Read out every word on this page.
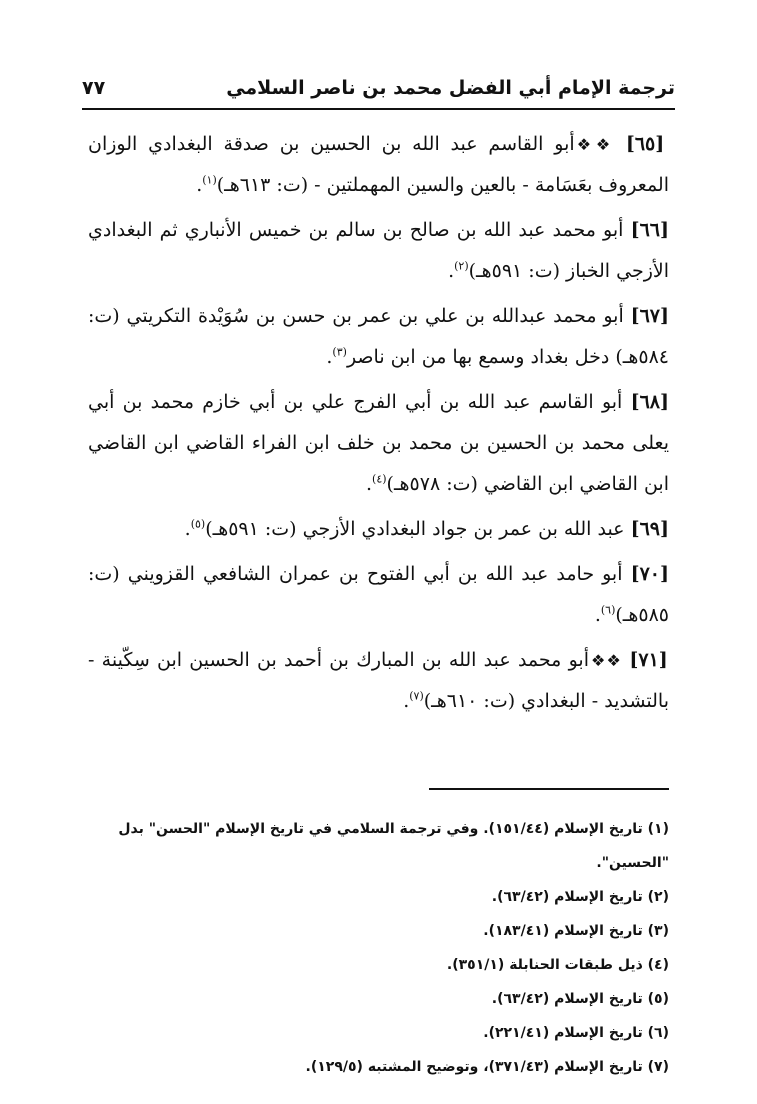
ترجمة الإمام أبي الفضل محمد بن ناصر السلامي
٧٧

[٦٥] ❖❖أبو القاسم عبد الله بن الحسين بن صدقة البغدادي الوزان المعروف بعَسَامة - بالعين والسين المهملتين - (ت: ٦١٣هـ)$^{(١)}$.

[٦٦] أبو محمد عبد الله بن صالح بن سالم بن خميس الأنباري ثم البغدادي الأزجي الخباز (ت: ٥٩١هـ)$^{(٢)}$.

[٦٧] أبو محمد عبدالله بن علي بن عمر بن حسن بن سُوَيْدة التكريتي (ت: ٥٨٤هـ) دخل بغداد وسمع بها من ابن ناصر$^{(٣)}$.

[٦٨] أبو القاسم عبد الله بن أبي الفرج علي بن أبي خازم محمد بن أبي يعلى محمد بن الحسين بن محمد بن خلف ابن الفراء القاضي ابن القاضي ابن القاضي ابن القاضي (ت: ٥٧٨هـ)$^{(٤)}$.

[٦٩] عبد الله بن عمر بن جواد البغدادي الأزجي (ت: ٥٩١هـ)$^{(٥)}$.

[٧٠] أبو حامد عبد الله بن أبي الفتوح بن عمران الشافعي القزويني (ت: ٥٨٥هـ)$^{(٦)}$.

[٧١] ❖❖أبو محمد عبد الله بن المبارك بن أحمد بن الحسين ابن سِكّينة - بالتشديد - البغدادي (ت: ٦١٠هـ)$^{(٧)}$.

(١) تاريخ الإسلام (١٥١/٤٤). وفي ترجمة السلامي في تاريخ الإسلام "الحسن" بدل "الحسين".
(٢) تاريخ الإسلام (٦٣/٤٢).
(٣) تاريخ الإسلام (١٨٣/٤١).
(٤) ذيل طبقات الحنابلة (٣٥١/١).
(٥) تاريخ الإسلام (٦٣/٤٢).
(٦) تاريخ الإسلام (٢٢١/٤١).
(٧) تاريخ الإسلام (٣٧١/٤٣)، وتوضيح المشتبه (١٢٩/٥).
